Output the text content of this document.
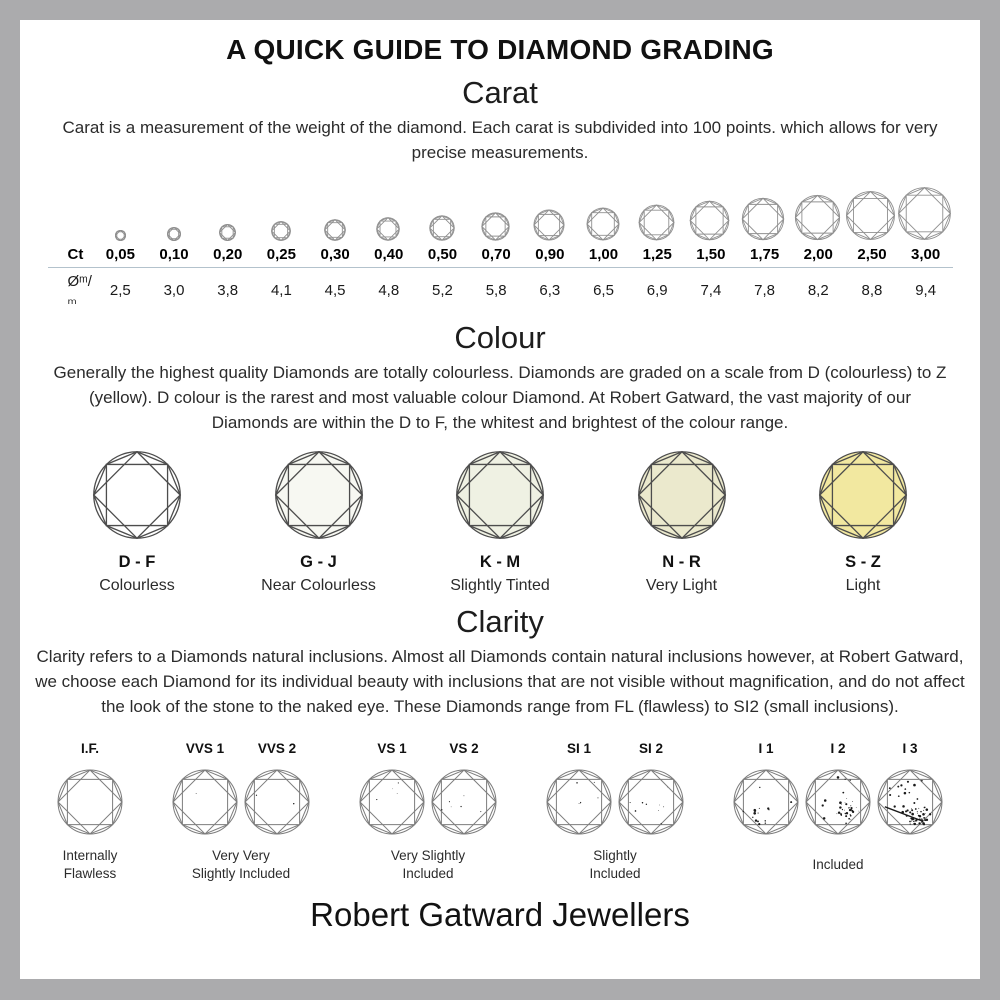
A QUICK GUIDE TO DIAMOND GRADING
Carat

Carat is a measurement of the weight of the diamond. Each carat is subdivided into 100 points. which allows for very precise measurements.

Ct	0,05	0,10	0,20	0,25	0,30	0,40	0,50	0,70	0,90	1,00	1,25	1,50	1,75	2,00	2,50	3,00
Øᵐ/ₘ
2,5	3,0	3,8	4,1	4,5	4,8	5,2	5,8	6,3	6,5	6,9	7,4	7,8	8,2	8,8	9,4
Colour

Generally the highest quality Diamonds are totally colourless. Diamonds are graded on a scale from D (colourless) to Z (yellow). D colour is the rarest and most valuable colour Diamond. At Robert Gatward, the vast majority of our Diamonds are within the D to F, the whitest and brightest of the colour range.

D - F
Colourless
G - J
Near Colourless
K - M
Slightly Tinted
N - R
Very Light
S - Z
Light
Clarity

Clarity refers to a Diamonds natural inclusions. Almost all Diamonds contain natural inclusions however, at Robert Gatward, we choose each Diamond for its individual beauty with inclusions that are not visible without magnification, and do not affect the look of the stone to the naked eye. These Diamonds range from FL (flawless) to SI2 (small inclusions).

I.F.
Internally
Flawless
VVS 1 VVS 2
Very Very
Slightly Included
VS 1	VS 2
Very Slightly
Included
SI 1	SI 2
Slightly
Included
I 1	I 2	I 3
Included
Robert Gatward Jewellers
